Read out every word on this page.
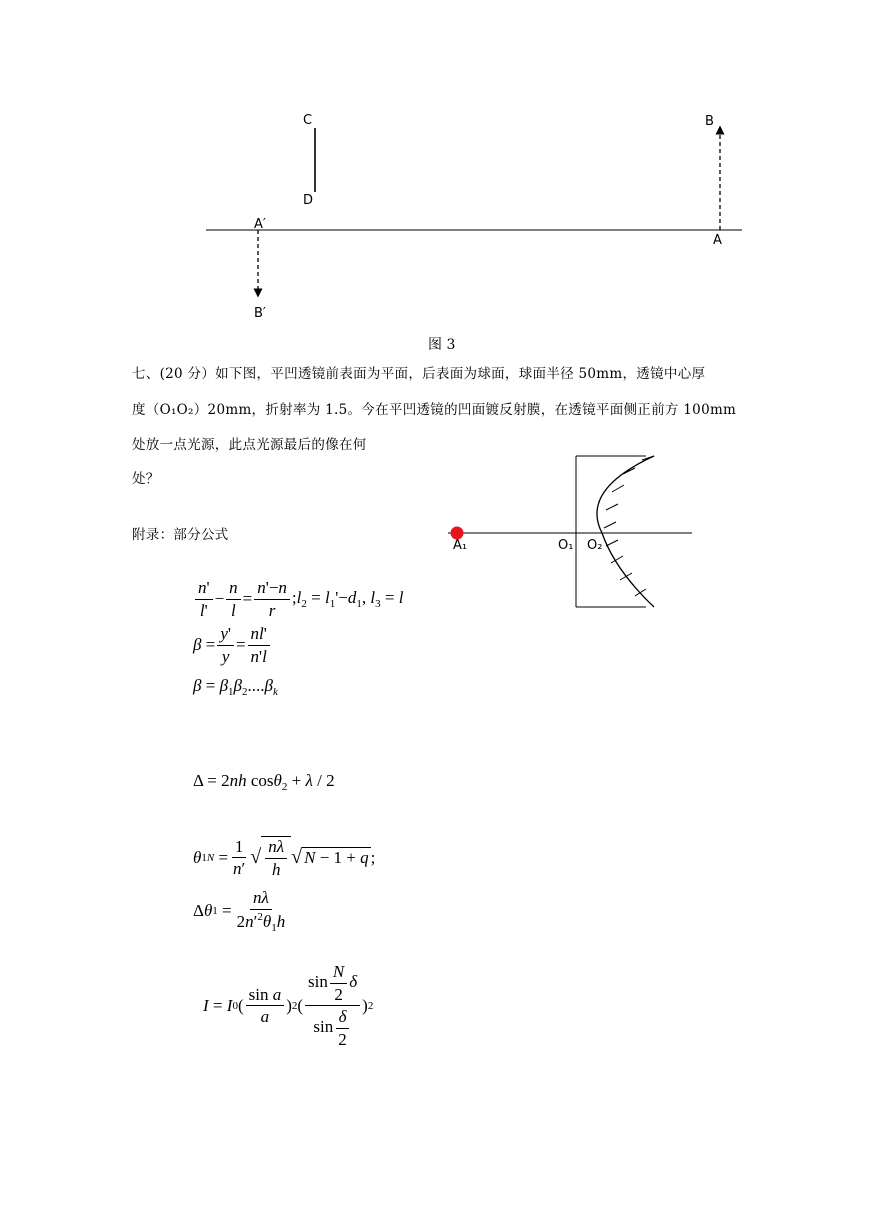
C
D
A′
B′
A
B
图 3
七、(20 分）如下图，平凹透镜前表面为平面，后表面为球面，球面半径 50mm，透镜中心厚
度（O₁O₂）20mm，折射率为 1.5。今在平凹透镜的凹面镀反射膜，在透镜平面侧正前方 100mm
处放一点光源，此点光源最后的像在何
处？
A₁	O₁ O₂
附录：部分公式
$\frac{n'}{l'} - \frac{n}{l} = \frac{n'-n}{r}$ $;l_2 = l_1'-d_1$, $l_3 = l$
$\beta = \frac{y'}{y} = \frac{nl'}{n'l}$
$\beta = \beta_1\beta_2....\beta_k$
Δ = 2nh cosθ$_2$ + λ / 2
θ $1N = \frac{1}{n'}$ √ $\frac{n\lambda}{h}$ √ N − 1 + q ;
Δ θ $1 = \frac{n\lambda}{2n'^2\theta_1h}$
I = I 0 ( $\frac{\text{sin a}}{a}$ ) 2 ( $\frac{\sin \frac{N}{2} \delta}{\sin \frac{\delta}{2}}$ ) 2
